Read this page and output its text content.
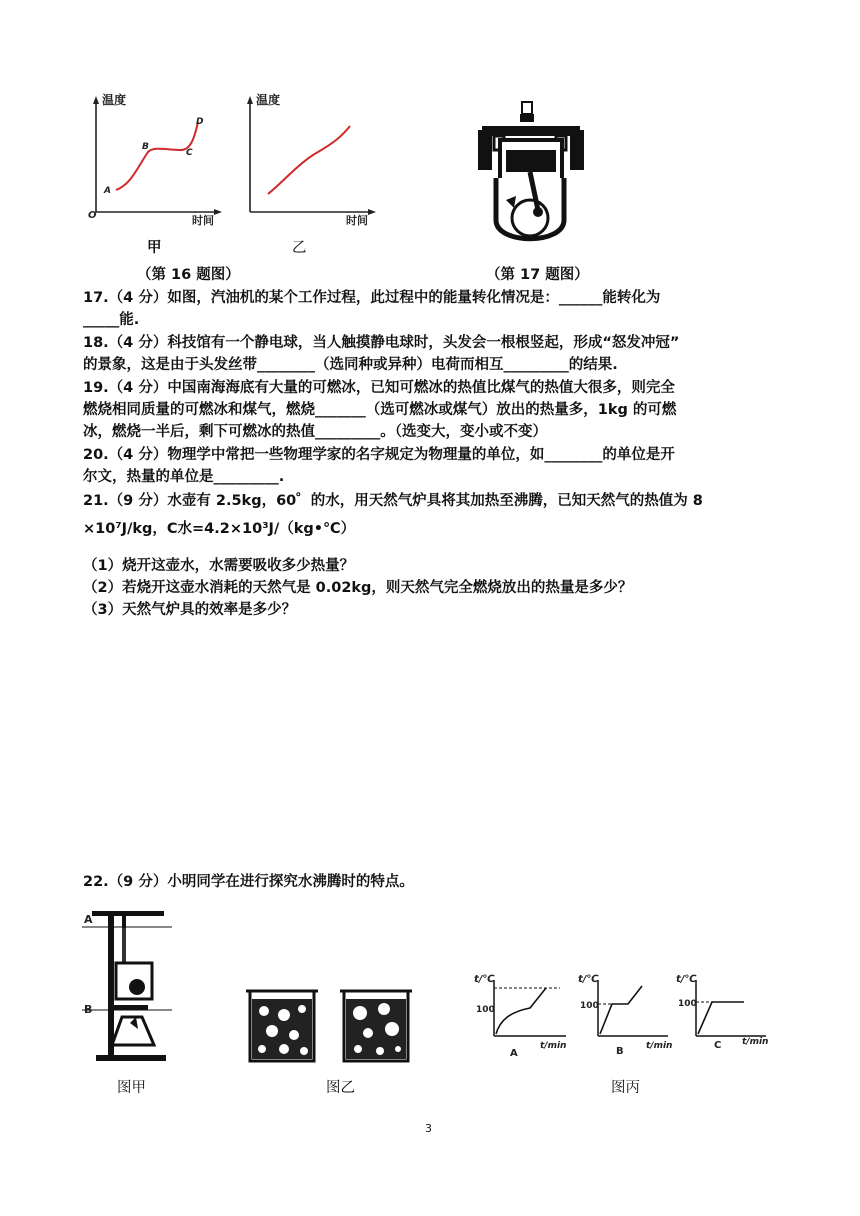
温度
时间
O
A
B
C
D
甲
温度
时间
乙
（第 16 题图）	（第 17 题图）
17.（4 分）如图，汽油机的某个工作过程，此过程中的能量转化情况是：______能转化为
_____能.
18.（4 分）科技馆有一个静电球，当人触摸静电球时，头发会一根根竖起，形成“怒发冲冠”
的景象，这是由于头发丝带________（选同种或异种）电荷而相互_________的结果.
19.（4 分）中国南海海底有大量的可燃冰，已知可燃冰的热值比煤气的热值大很多，则完全
燃烧相同质量的可燃冰和煤气，燃烧_______（选可燃冰或煤气）放出的热量多，1kg 的可燃
冰，燃烧一半后，剩下可燃冰的热值_________。（选变大，变小或不变）
20.（4 分）物理学中常把一些物理学家的名字规定为物理量的单位，如________的单位是开
尔文，热量的单位是_________.
21.（9 分）水壶有 2.5kg，60゜的水，用天然气炉具将其加热至沸腾，已知天然气的热值为 8
×10⁷J/kg，C水=4.2×10³J/（kg•℃）
（1）烧开这壶水，水需要吸收多少热量？
（2）若烧开这壶水消耗的天然气是 0.02kg，则天然气完全燃烧放出的热量是多少？
（3）天然气炉具的效率是多少？
22.（9 分）小明同学在进行探究水沸腾时的特点。
A
B
图甲	图乙
t/℃
100
t/min
A
t/℃
100
t/min
B
t/℃
100
t/min
C
图丙
3
